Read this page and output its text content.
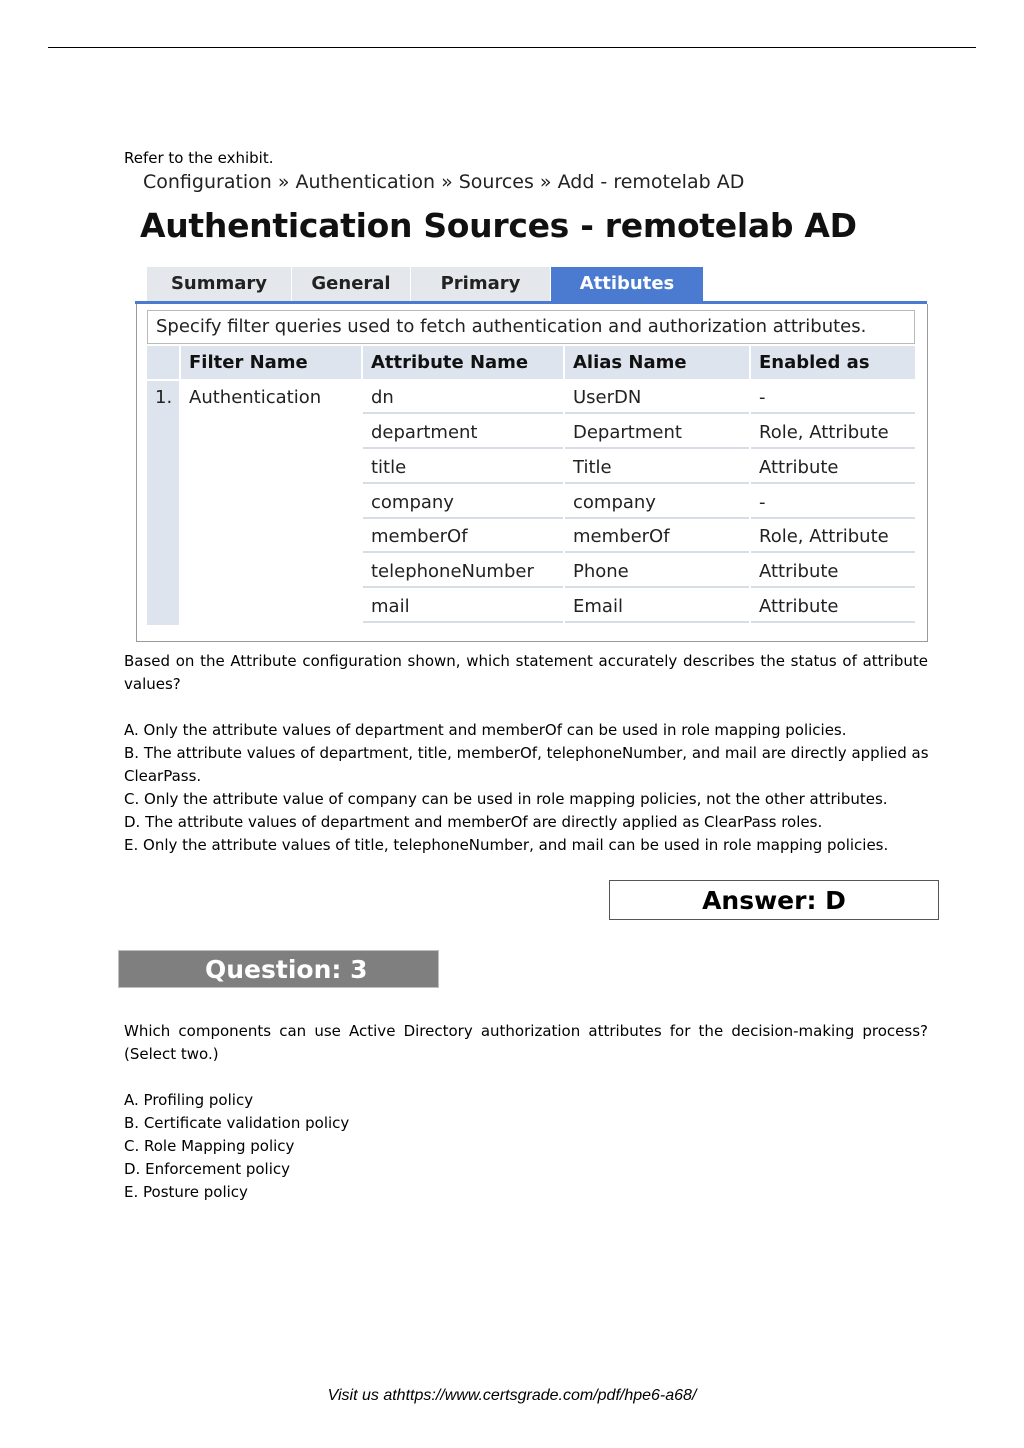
Refer to the exhibit.
Configuration » Authentication » Sources » Add - remotelab AD
Authentication Sources - remotelab AD
Summary	General	Primary	Attibutes
Specify filter queries used to fetch authentication and authorization attributes.
Filter Name	Attribute Name	Alias Name	Enabled as
1. Authentication	dn	UserDN	-
department	Department	Role, Attribute
title	Title	Attribute
company	company	-
memberOf	memberOf	Role, Attribute
telephoneNumber	Phone	Attribute
mail	Email	Attribute
Based on the Attribute configuration shown, which statement accurately describes the status of attribute values?
A. Only the attribute values of department and memberOf can be used in role mapping policies.
B. The attribute values of department, title, memberOf, telephoneNumber, and mail are directly applied as ClearPass.
C. Only the attribute value of company can be used in role mapping policies, not the other attributes.
D. The attribute values of department and memberOf are directly applied as ClearPass roles.
E. Only the attribute values of title, telephoneNumber, and mail can be used in role mapping policies.
Answer: D
Question: 3
Which components can use Active Directory authorization attributes for the decision-making process? (Select two.)
A. Profiling policy
B. Certificate validation policy
C. Role Mapping policy
D. Enforcement policy
E. Posture policy
Visit us athttps://www.certsgrade.com/pdf/hpe6-a68/
